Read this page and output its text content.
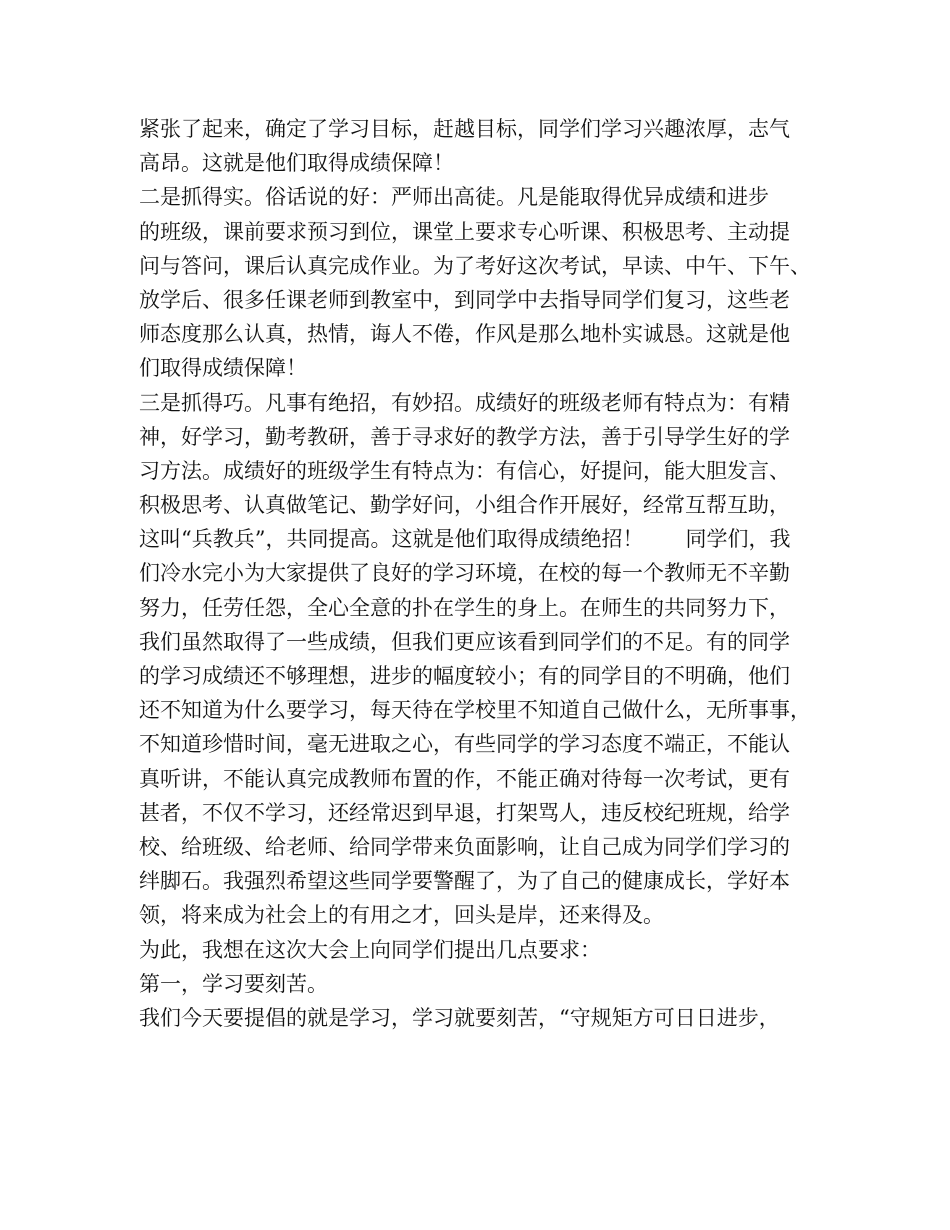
紧张了起来，确定了学习目标，赶越目标，同学们学习兴趣浓厚，志气
高昂。这就是他们取得成绩保障！
二是抓得实。俗话说的好：严师出高徒。凡是能取得优异成绩和进步
的班级，课前要求预习到位，课堂上要求专心听课、积极思考、主动提
问与答问，课后认真完成作业。为了考好这次考试，早读、中午、下午、
放学后、很多任课老师到教室中，到同学中去指导同学们复习，这些老
师态度那么认真，热情，诲人不倦，作风是那么地朴实诚恳。这就是他
们取得成绩保障！
三是抓得巧。凡事有绝招，有妙招。成绩好的班级老师有特点为：有精
神，好学习，勤考教研，善于寻求好的教学方法，善于引导学生好的学
习方法。成绩好的班级学生有特点为：有信心，好提问，能大胆发言、
积极思考、认真做笔记、勤学好问，小组合作开展好，经常互帮互助，
这叫“兵教兵”，共同提高。这就是他们取得成绩绝招！　　同学们，我
们冷水完小为大家提供了良好的学习环境，在校的每一个教师无不辛勤
努力，任劳任怨，全心全意的扑在学生的身上。在师生的共同努力下，
我们虽然取得了一些成绩，但我们更应该看到同学们的不足。有的同学
的学习成绩还不够理想，进步的幅度较小；有的同学目的不明确，他们
还不知道为什么要学习，每天待在学校里不知道自己做什么，无所事事，
不知道珍惜时间，毫无进取之心，有些同学的学习态度不端正，不能认
真听讲，不能认真完成教师布置的作，不能正确对待每一次考试，更有
甚者，不仅不学习，还经常迟到早退，打架骂人，违反校纪班规，给学
校、给班级、给老师、给同学带来负面影响，让自己成为同学们学习的
绊脚石。我强烈希望这些同学要警醒了，为了自己的健康成长，学好本
领，将来成为社会上的有用之才，回头是岸，还来得及。
为此，我想在这次大会上向同学们提出几点要求：
第一，学习要刻苦。
我们今天要提倡的就是学习，学习就要刻苦，“守规矩方可日日进步，
